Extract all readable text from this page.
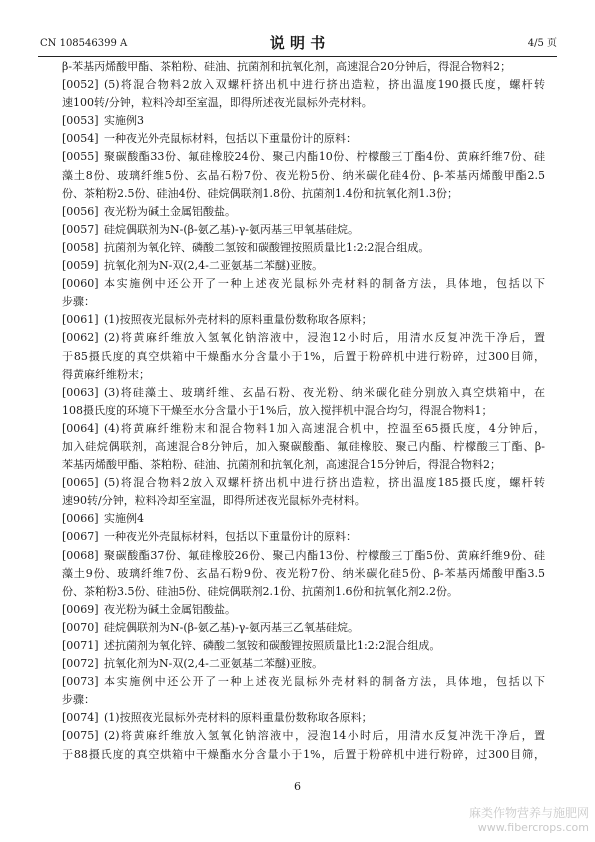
CN 108546399 A	说 明 书	4/5 页
β-苯基丙烯酸甲酯、茶粕粉、硅油、抗菌剂和抗氧化剂，高速混合20分钟后，得混合物料2；
[0052] (5)将混合物料2放入双螺杆挤出机中进行挤出造粒，挤出温度190摄氏度，螺杆转
速100转/分钟，粒料冷却至室温，即得所述夜光鼠标外壳材料。
[0053] 实施例3
[0054] 一种夜光外壳鼠标材料，包括以下重量份计的原料：
[0055] 聚碳酸酯33份、氟硅橡胶24份、聚己内酯10份、柠檬酸三丁酯4份、黄麻纤维7份、硅
藻土8份、玻璃纤维5份、玄晶石粉7份、夜光粉5份、纳米碳化硅4份、β-苯基丙烯酸甲酯2.5
份、茶粕粉2.5份、硅油4份、硅烷偶联剂1.8份、抗菌剂1.4份和抗氧化剂1.3份；
[0056] 夜光粉为碱土金属铝酸盐。
[0057] 硅烷偶联剂为N-(β-氨乙基)-γ-氨丙基三甲氧基硅烷。
[0058] 抗菌剂为氧化锌、磷酸二氢铵和碳酸锂按照质量比1:2:2混合组成。
[0059] 抗氧化剂为N-双(2,4-二亚氨基二苯醚)亚胺。
[0060] 本实施例中还公开了一种上述夜光鼠标外壳材料的制备方法，具体地，包括以下
步骤：
[0061] (1)按照夜光鼠标外壳材料的原料重量份数称取各原料；
[0062] (2)将黄麻纤维放入氢氧化钠溶液中，浸泡12小时后，用清水反复冲洗干净后，置
于85摄氏度的真空烘箱中干燥酯水分含量小于1%，后置于粉碎机中进行粉碎，过300目筛，
得黄麻纤维粉末；
[0063] (3)将硅藻土、玻璃纤维、玄晶石粉、夜光粉、纳米碳化硅分别放入真空烘箱中，在
108摄氏度的环境下干燥至水分含量小于1%后，放入搅拌机中混合均匀，得混合物料1；
[0064] (4)将黄麻纤维粉末和混合物料1加入高速混合机中，控温至65摄氏度，4分钟后，
加入硅烷偶联剂，高速混合8分钟后，加入聚碳酸酯、氟硅橡胶、聚己内酯、柠檬酸三丁酯、β-
苯基丙烯酸甲酯、茶粕粉、硅油、抗菌剂和抗氧化剂，高速混合15分钟后，得混合物料2；
[0065] (5)将混合物料2放入双螺杆挤出机中进行挤出造粒，挤出温度185摄氏度，螺杆转
速90转/分钟，粒料冷却至室温，即得所述夜光鼠标外壳材料。
[0066] 实施例4
[0067] 一种夜光外壳鼠标材料，包括以下重量份计的原料：
[0068] 聚碳酸酯37份、氟硅橡胶26份、聚己内酯13份、柠檬酸三丁酯5份、黄麻纤维9份、硅
藻土9份、玻璃纤维7份、玄晶石粉9份、夜光粉7份、纳米碳化硅5份、β-苯基丙烯酸甲酯3.5
份、茶粕粉3.5份、硅油5份、硅烷偶联剂2.1份、抗菌剂1.6份和抗氧化剂2.2份。
[0069] 夜光粉为碱土金属铝酸盐。
[0070] 硅烷偶联剂为N-(β-氨乙基)-γ-氨丙基三乙氧基硅烷。
[0071] 述抗菌剂为氧化锌、磷酸二氢铵和碳酸锂按照质量比1:2:2混合组成。
[0072] 抗氧化剂为N-双(2,4-二亚氨基二苯醚)亚胺。
[0073] 本实施例中还公开了一种上述夜光鼠标外壳材料的制备方法，具体地，包括以下
步骤：
[0074] (1)按照夜光鼠标外壳材料的原料重量份数称取各原料；
[0075] (2)将黄麻纤维放入氢氧化钠溶液中，浸泡14小时后，用清水反复冲洗干净后，置
于88摄氏度的真空烘箱中干燥酯水分含量小于1%，后置于粉碎机中进行粉碎，过300目筛，
6
麻类作物营养与施肥网
www.fibercrops.com
